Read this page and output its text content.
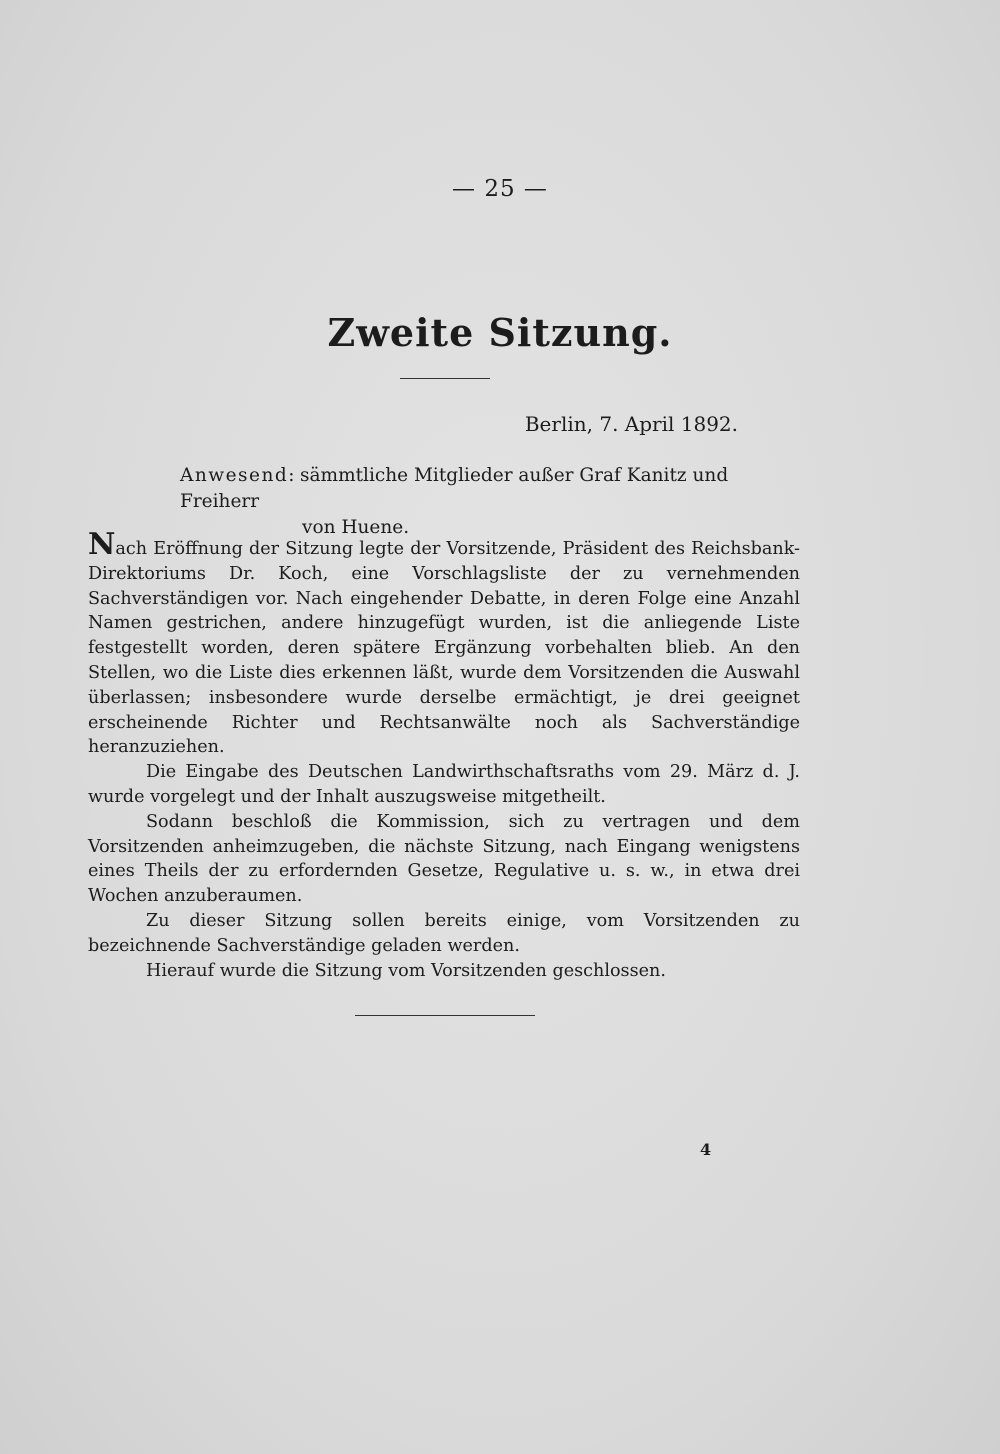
— 25 —
Zweite Sitzung.
Berlin, 7. April 1892.
Anwesend: sämmtliche Mitglieder außer Graf Kanitz und Freiherr
von Huene.

Nach Eröffnung der Sitzung legte der Vorsitzende, Präsident des Reichsbank-Direktoriums Dr. Koch, eine Vorschlagsliste der zu vernehmenden Sachverständigen vor. Nach eingehender Debatte, in deren Folge eine Anzahl Namen gestrichen, andere hinzugefügt wurden, ist die anliegende Liste festgestellt worden, deren spätere Ergänzung vorbehalten blieb. An den Stellen, wo die Liste dies erkennen läßt, wurde dem Vorsitzenden die Auswahl überlassen; insbesondere wurde derselbe ermächtigt, je drei geeignet erscheinende Richter und Rechtsanwälte noch als Sachverständige heranzuziehen.

Die Eingabe des Deutschen Landwirthschaftsraths vom 29. März d. J. wurde vorgelegt und der Inhalt auszugsweise mitgetheilt.

Sodann beschloß die Kommission, sich zu vertragen und dem Vorsitzenden anheimzugeben, die nächste Sitzung, nach Eingang wenigstens eines Theils der zu erfordernden Gesetze, Regulative u. s. w., in etwa drei Wochen anzuberaumen.

Zu dieser Sitzung sollen bereits einige, vom Vorsitzenden zu bezeichnende Sachverständige geladen werden.

Hierauf wurde die Sitzung vom Vorsitzenden geschlossen.

4
